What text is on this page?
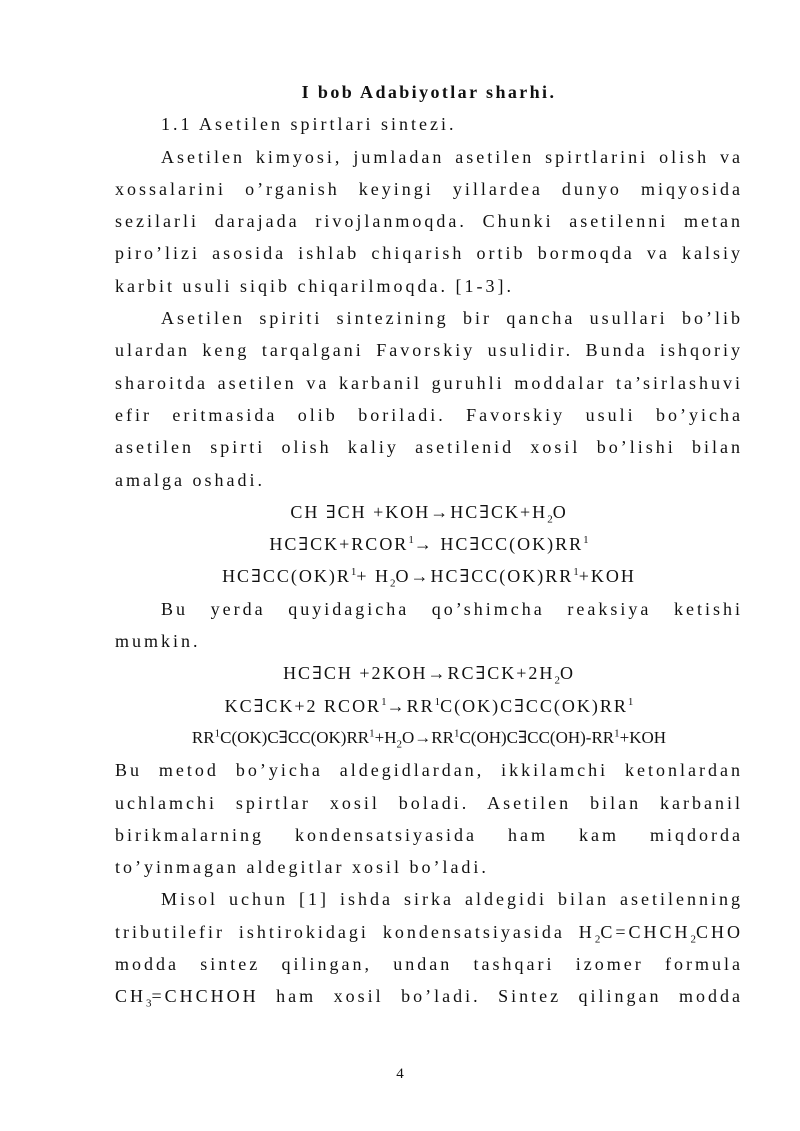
I bob Adabiyotlar sharhi.
1.1 Asetilen spirtlari sintezi.
Asetilen kimyosi, jumladan asetilen spirtlarini olish va
xossalarini o’rganish keyingi yillardea dunyo miqyosida
sezilarli darajada rivojlanmoqda. Chunki asetilenni metan
piro’lizi asosida ishlab chiqarish ortib bormoqda va kalsiy
karbit usuli siqib chiqarilmoqda. [1-3].
Asetilen spiriti sintezining bir qancha usullari bo’lib
ulardan keng tarqalgani Favorskiy usulidir. Bunda ishqoriy
sharoitda asetilen va karbanil guruhli moddalar ta’sirlashuvi
efir eritmasida olib boriladi. Favorskiy usuli bo’yicha
asetilen spirti olish kaliy asetilenid xosil bo’lishi bilan
amalga oshadi.
CH ∃CH $+KOH\to HC\exists CK+H_2O$
$HC\exists CK+RCOR^1\to$ $HC\exists CC(OK)RR^1$
$HC\exists CC(OK)R^1+$ $H_2O\to HC\exists CC(OK)RR^1+KOH$
Bu yerda quyidagicha qo’shimcha reaksiya ketishi
mumkin.
HC∃CH $+2KOH\to RC\exists CK+2H_2O$
KC∃CK+2 $RCOR^1\to RR^1C(OK)C\exists CC(OK)RR^1$
$RR^1C(OK)C\exists CC(OK)RR^1+H_2O\to RR^1C(OH)C\exists CC(OH)-RR^1+KOH$
Bu metod bo’yicha aldegidlardan, ikkilamchi ketonlardan
uchlamchi spirtlar xosil boladi. Asetilen bilan karbanil
birikmalarning kondensatsiyasida ham kam miqdorda
to’yinmagan aldegitlar xosil bo’ladi.
Misol uchun [1] ishda sirka aldegidi bilan asetilenning
tributilefir ishtirokidagi kondensatsiyasida $H_2C=CHCH_2CHO$
modda sintez qilingan, undan tashqari izomer formula
$CH_3=CHCHOH$ ham xosil bo’ladi. Sintez qilingan modda
4
